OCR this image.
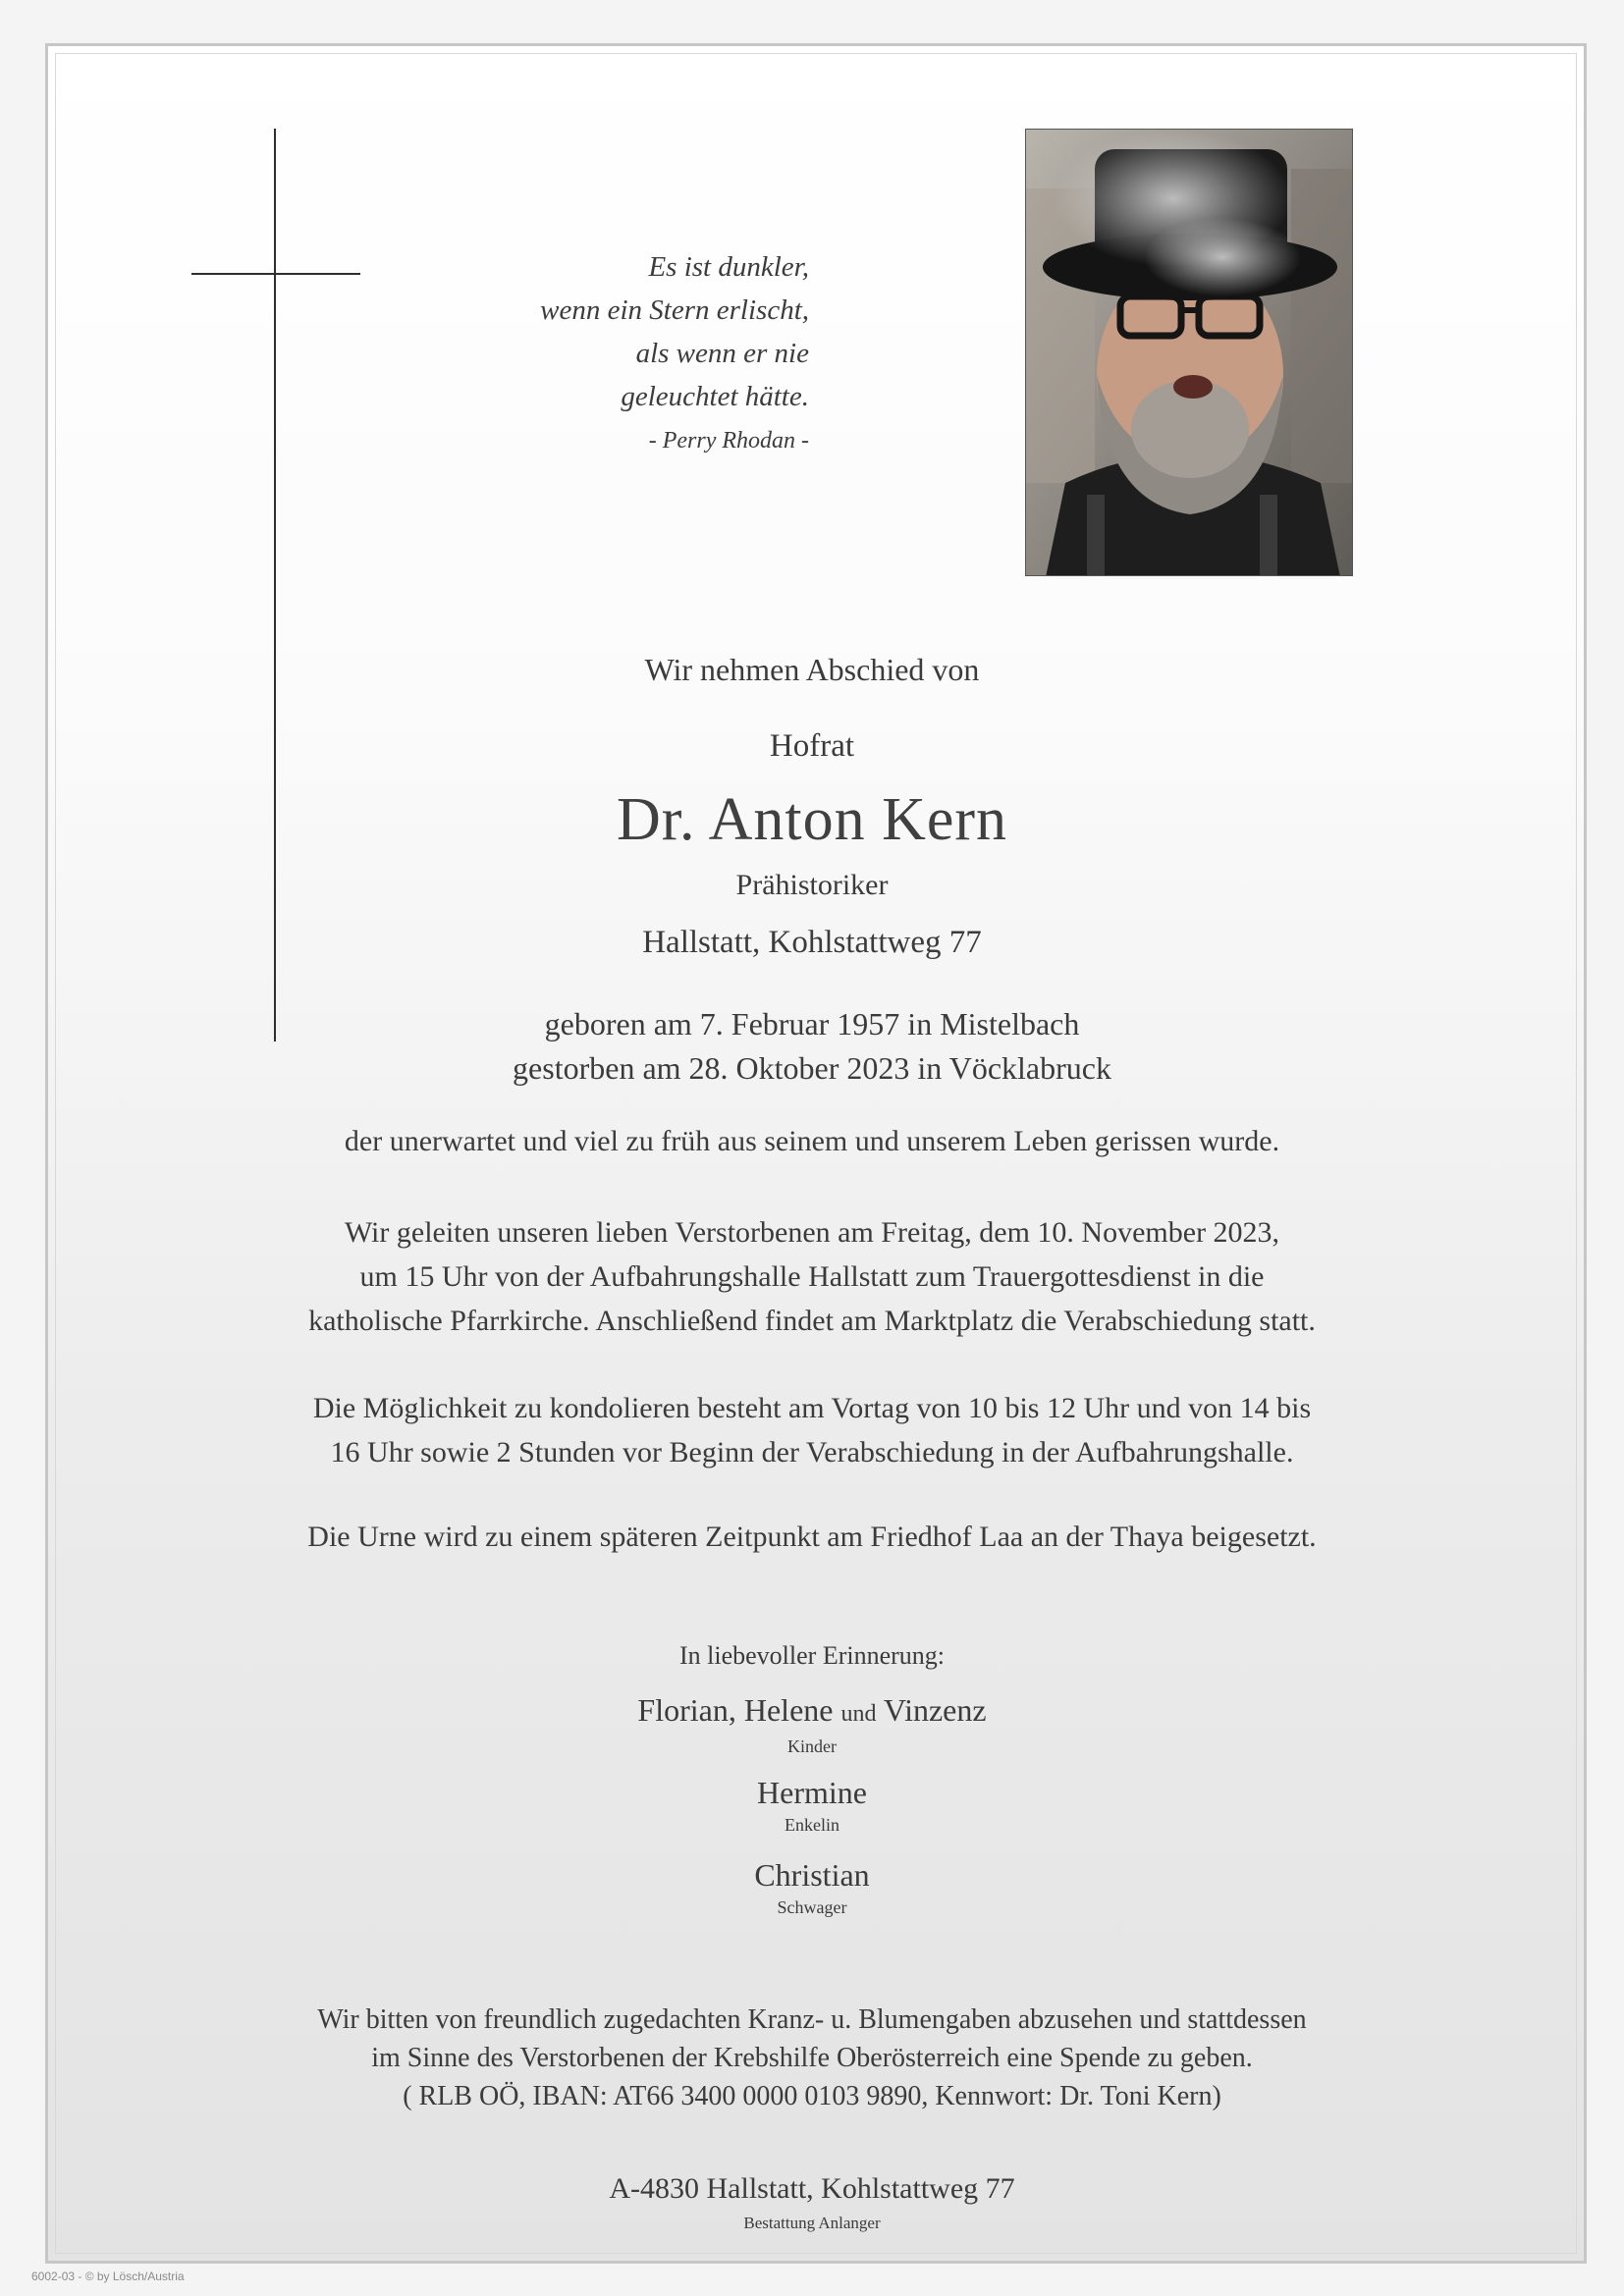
Es ist dunkler,
wenn ein Stern erlischt,
als wenn er nie
geleuchtet hätte.
- Perry Rhodan -
Wir nehmen Abschied von
Hofrat
Dr. Anton Kern
Prähistoriker
Hallstatt, Kohlstattweg 77
geboren am 7. Februar 1957 in Mistelbach
gestorben am 28. Oktober 2023 in Vöcklabruck
der unerwartet und viel zu früh aus seinem und unserem Leben gerissen wurde.
Wir geleiten unseren lieben Verstorbenen am Freitag, dem 10. November 2023,
um 15 Uhr von der Aufbahrungshalle Hallstatt zum Trauergottesdienst in die
katholische Pfarrkirche. Anschließend findet am Marktplatz die Verabschiedung statt.
Die Möglichkeit zu kondolieren besteht am Vortag von 10 bis 12 Uhr und von 14 bis
16 Uhr sowie 2 Stunden vor Beginn der Verabschiedung in der Aufbahrungshalle.
Die Urne wird zu einem späteren Zeitpunkt am Friedhof Laa an der Thaya beigesetzt.
In liebevoller Erinnerung:
Florian, Helene und Vinzenz
Kinder
Hermine
Enkelin
Christian
Schwager
Wir bitten von freundlich zugedachten Kranz- u. Blumengaben abzusehen und stattdessen
im Sinne des Verstorbenen der Krebshilfe Oberösterreich eine Spende zu geben.
( RLB OÖ, IBAN: AT66 3400 0000 0103 9890, Kennwort: Dr. Toni Kern)
A-4830 Hallstatt, Kohlstattweg 77
Bestattung Anlanger
6002-03 - © by Lösch/Austria
